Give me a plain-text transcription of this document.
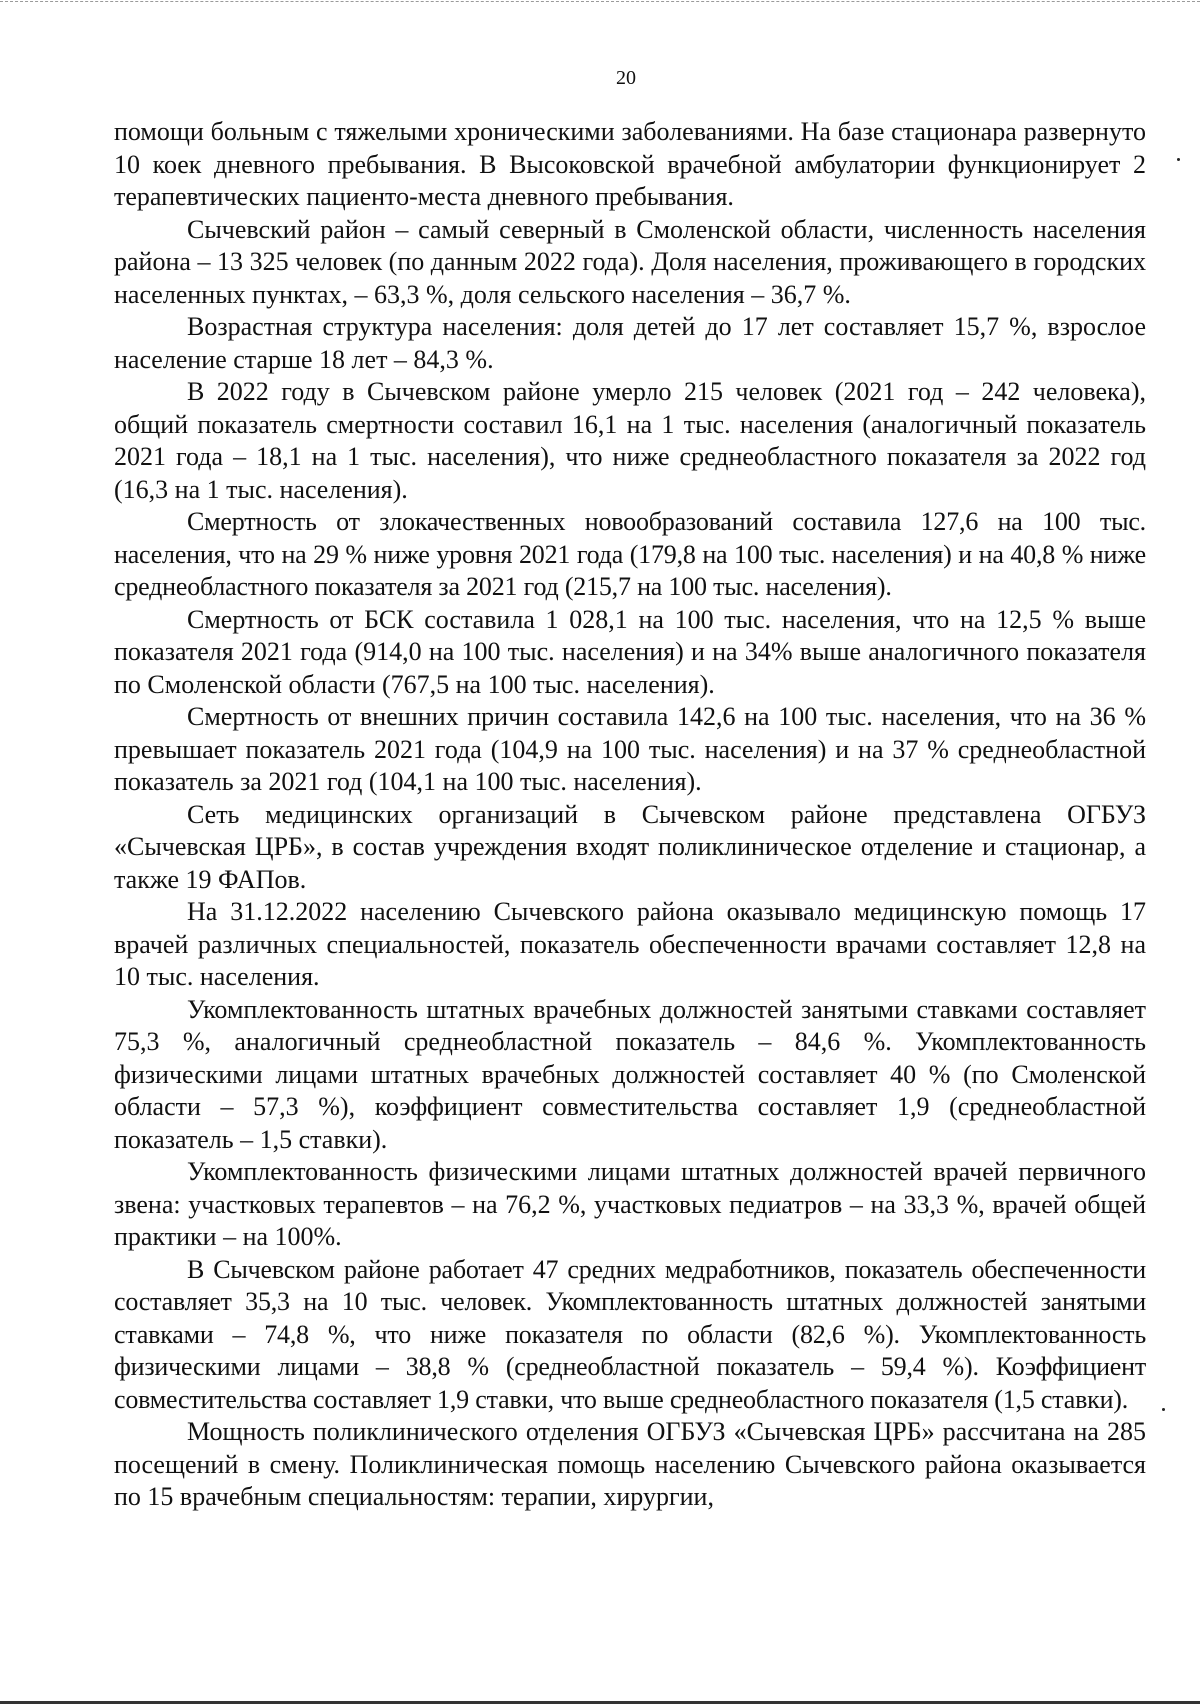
20

помощи больным с тяжелыми хроническими заболеваниями. На базе стационара развернуто 10 коек дневного пребывания. В Высоковской врачебной амбулатории функционирует 2 терапевтических пациенто-места дневного пребывания.

Сычевский район – самый северный в Смоленской области, численность населения района – 13 325 человек (по данным 2022 года). Доля населения, проживающего в городских населенных пунктах, – 63,3 %, доля сельского населения – 36,7 %.

Возрастная структура населения: доля детей до 17 лет составляет 15,7 %, взрослое население старше 18 лет – 84,3 %.

В 2022 году в Сычевском районе умерло 215 человек (2021 год – 242 человека), общий показатель смертности составил 16,1 на 1 тыс. населения (аналогичный показатель 2021 года – 18,1 на 1 тыс. населения), что ниже среднеобластного показателя за 2022 год (16,3 на 1 тыс. населения).

Смертность от злокачественных новообразований составила 127,6 на 100 тыс. населения, что на 29 % ниже уровня 2021 года (179,8 на 100 тыс. населения) и на 40,8 % ниже среднеобластного показателя за 2021 год (215,7 на 100 тыс. населения).

Смертность от БСК составила 1 028,1 на 100 тыс. населения, что на 12,5 % выше показателя 2021 года (914,0 на 100 тыс. населения) и на 34% выше аналогичного показателя по Смоленской области (767,5 на 100 тыс. населения).

Смертность от внешних причин составила 142,6 на 100 тыс. населения, что на 36 % превышает показатель 2021 года (104,9 на 100 тыс. населения) и на 37 % среднеобластной показатель за 2021 год (104,1 на 100 тыс. населения).

Сеть медицинских организаций в Сычевском районе представлена ОГБУЗ «Сычевская ЦРБ», в состав учреждения входят поликлиническое отделение и стационар, а также 19 ФАПов.

На 31.12.2022 населению Сычевского района оказывало медицинскую помощь 17 врачей различных специальностей, показатель обеспеченности врачами составляет 12,8 на 10 тыс. населения.

Укомплектованность штатных врачебных должностей занятыми ставками составляет 75,3 %, аналогичный среднеобластной показатель – 84,6 %. Укомплектованность физическими лицами штатных врачебных должностей составляет 40 % (по Смоленской области – 57,3 %), коэффициент совместительства составляет 1,9 (среднеобластной показатель – 1,5 ставки).

Укомплектованность физическими лицами штатных должностей врачей первичного звена: участковых терапевтов – на 76,2 %, участковых педиатров – на 33,3 %, врачей общей практики – на 100%.

В Сычевском районе работает 47 средних медработников, показатель обеспеченности составляет 35,3 на 10 тыс. человек. Укомплектованность штатных должностей занятыми ставками – 74,8 %, что ниже показателя по области (82,6 %). Укомплектованность физическими лицами – 38,8 % (среднеобластной показатель – 59,4 %). Коэффициент совместительства составляет 1,9 ставки, что выше среднеобластного показателя (1,5 ставки).

Мощность поликлинического отделения ОГБУЗ «Сычевская ЦРБ» рассчитана на 285 посещений в смену. Поликлиническая помощь населению Сычевского района оказывается по 15 врачебным специальностям: терапии, хирургии,
